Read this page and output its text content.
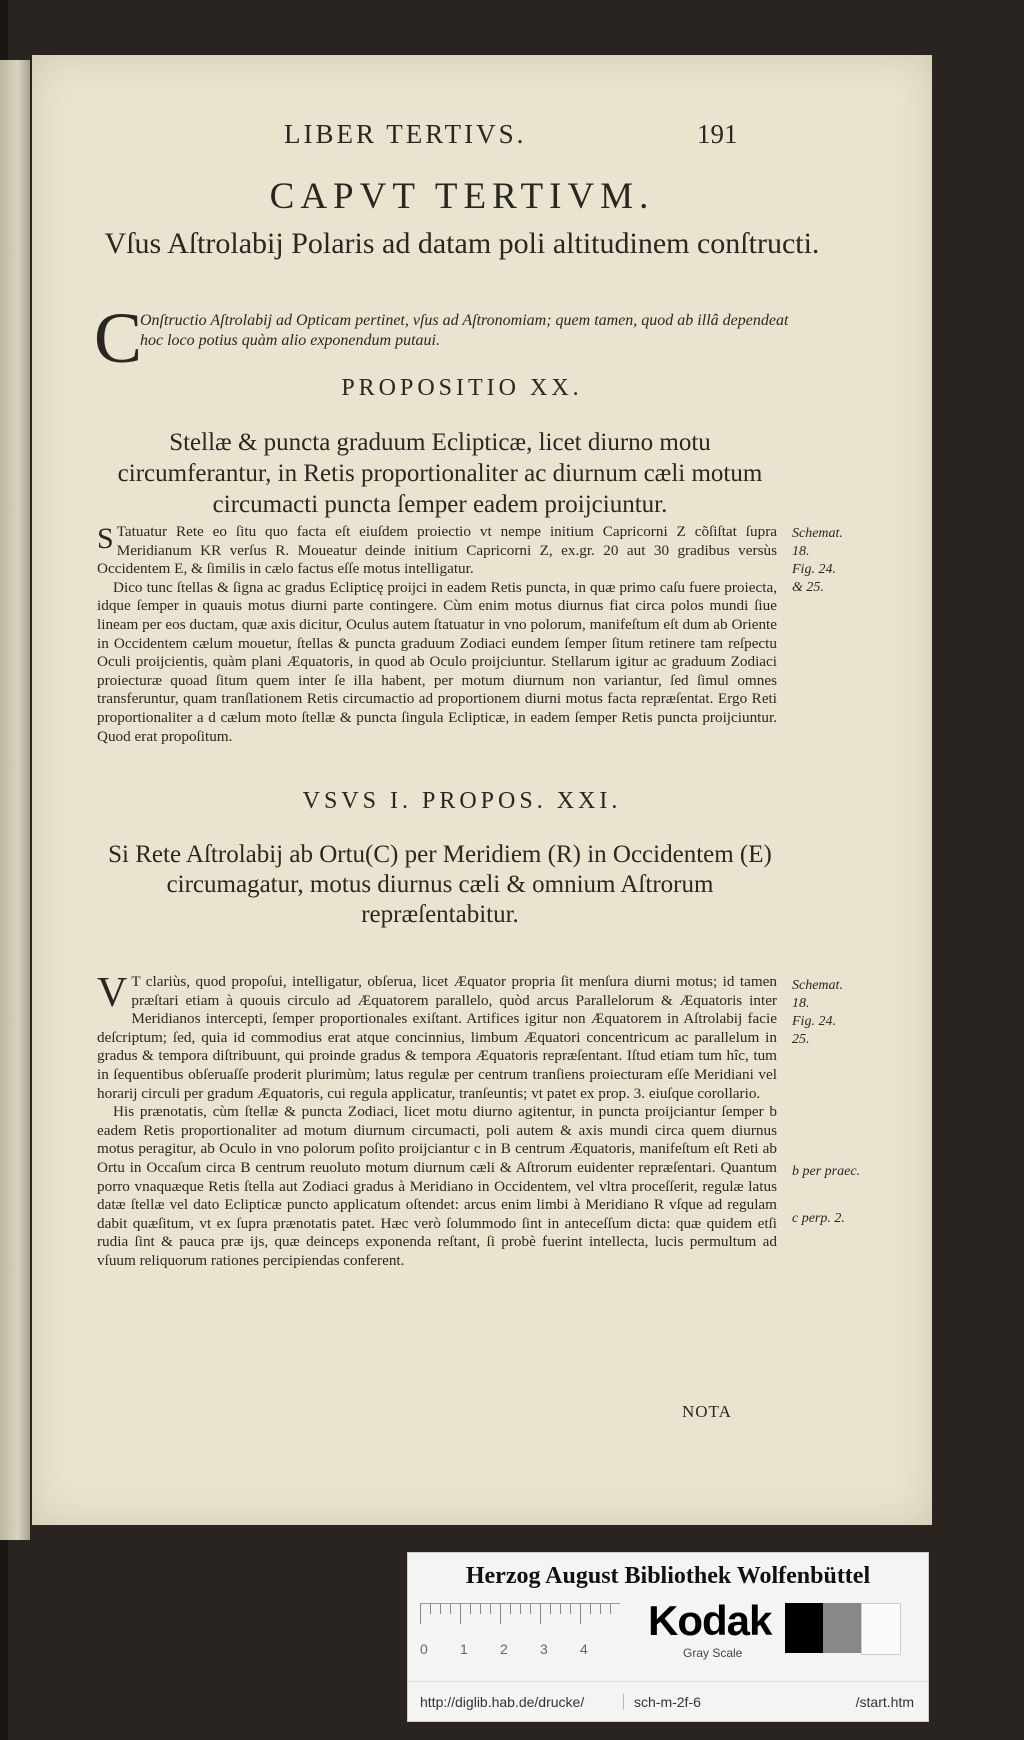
LIBER TERTIVS.	191
CAPVT TERTIVM.
Vſus Aſtrolabij Polaris ad datam poli altitudinem conſtructi.
C
Onſtructio Aſtrolabij ad Opticam pertinet, vſus ad Aſtronomiam; quem tamen, quod ab illâ dependeat hoc loco potius quàm alio exponendum putaui.
PROPOSITIO XX.
Stellæ & puncta graduum Eclipticæ, licet diurno motu circumferantur, in Retis proportionaliter ac diurnum cæli motum circumacti puncta ſemper eadem proijciuntur.

S Tatuatur Rete eo ſitu quo facta eſt eiuſdem proiectio vt nempe initium Capricorni Z cõſiſtat ſupra Meridianum KR verſus R. Moueatur deinde initium Capricorni Z, ex.gr. 20 aut 30 gradibus versùs Occidentem E, & ſimilis in cælo factus eſſe motus intelligatur.

Dico tunc ſtellas & ſigna ac gradus Eclipticę proijci in eadem Retis puncta, in quæ primo caſu fuere proiecta, idque ſemper in quauis motus diurni parte contingere. Cùm enim motus diurnus fiat circa polos mundi ſiue lineam per eos ductam, quæ axis dicitur, Oculus autem ſtatuatur in vno polorum, manifeſtum eſt dum ab Oriente in Occidentem cælum mouetur, ſtellas & puncta graduum Zodiaci eundem ſemper ſitum retinere tam reſpectu Oculi proijcientis, quàm plani Æquatoris, in quod ab Oculo proijciuntur. Stellarum igitur ac graduum Zodiaci proiecturæ quoad ſitum quem inter ſe illa habent, per motum diurnum non variantur, ſed ſimul omnes transferuntur, quam tranſlationem Retis circumactio ad proportionem diurni motus facta repræſentat. Ergo Reti proportionaliter a d cælum moto ſtellæ & puncta ſingula Eclipticæ, in eadem ſemper Retis puncta proijciuntur. Quod erat propoſitum.

Schemat.
18.
Fig. 24.
& 25.
VSVS I. PROPOS. XXI.
Si Rete Aſtrolabij ab Ortu(C) per Meridiem (R) in Occidentem (E) circumagatur, motus diurnus cæli & omnium Aſtrorum repræſentabitur.

V T clariùs, quod propoſui, intelligatur, obſerua, licet Æquator propria ſit menſura diurni motus; id tamen præſtari etiam à quouis circulo ad Æquatorem parallelo, quòd arcus Parallelorum & Æquatoris inter Meridianos intercepti, ſemper proportionales exiſtant. Artifices igitur non Æquatorem in Aſtrolabij facie deſcriptum; ſed, quia id commodius erat atque concinnius, limbum Æquatori concentricum ac parallelum in gradus & tempora diſtribuunt, qui proinde gradus & tempora Æquatoris repræſentant. Iſtud etiam tum hîc, tum in ſequentibus obſeruaſſe proderit plurimùm; latus regulæ per centrum tranſiens proiecturam eſſe Meridiani vel horarij circuli per gradum Æquatoris, cui regula applicatur, tranſeuntis; vt patet ex prop. 3. eiuſque corollario.

His prænotatis, cùm ſtellæ & puncta Zodiaci, licet motu diurno agitentur, in puncta proijciantur ſemper b eadem Retis proportionaliter ad motum diurnum circumacti, poli autem & axis mundi circa quem diurnus motus peragitur, ab Oculo in vno polorum poſito proijciantur c in B centrum Æquatoris, manifeſtum eſt Reti ab Ortu in Occaſum circa B centrum reuoluto motum diurnum cæli & Aſtrorum euidenter repræſentari. Quantum porro vnaquæque Retis ſtella aut Zodiaci gradus à Meridiano in Occidentem, vel vltra proceſſerit, regulæ latus datæ ſtellæ vel dato Eclipticæ puncto applicatum oſtendet: arcus enim limbi à Meridiano R vſque ad regulam dabit quæſitum, vt ex ſupra prænotatis patet. Hæc verò ſolummodo ſint in anteceſſum dicta: quæ quidem etſi rudia ſint & pauca præ ijs, quæ deinceps exponenda reſtant, ſi probè fuerint intellecta, lucis permultum ad vſuum reliquorum rationes percipiendas conferent.

Schemat.
18.
Fig. 24.
25.
b per praec.
c perp. 2.
NOTA
Herzog August Bibliothek Wolfenbüttel
0 1 2 3 4
Kodak
Gray Scale
http://diglib.hab.de/drucke/	sch-m-2f-6	/start.htm
